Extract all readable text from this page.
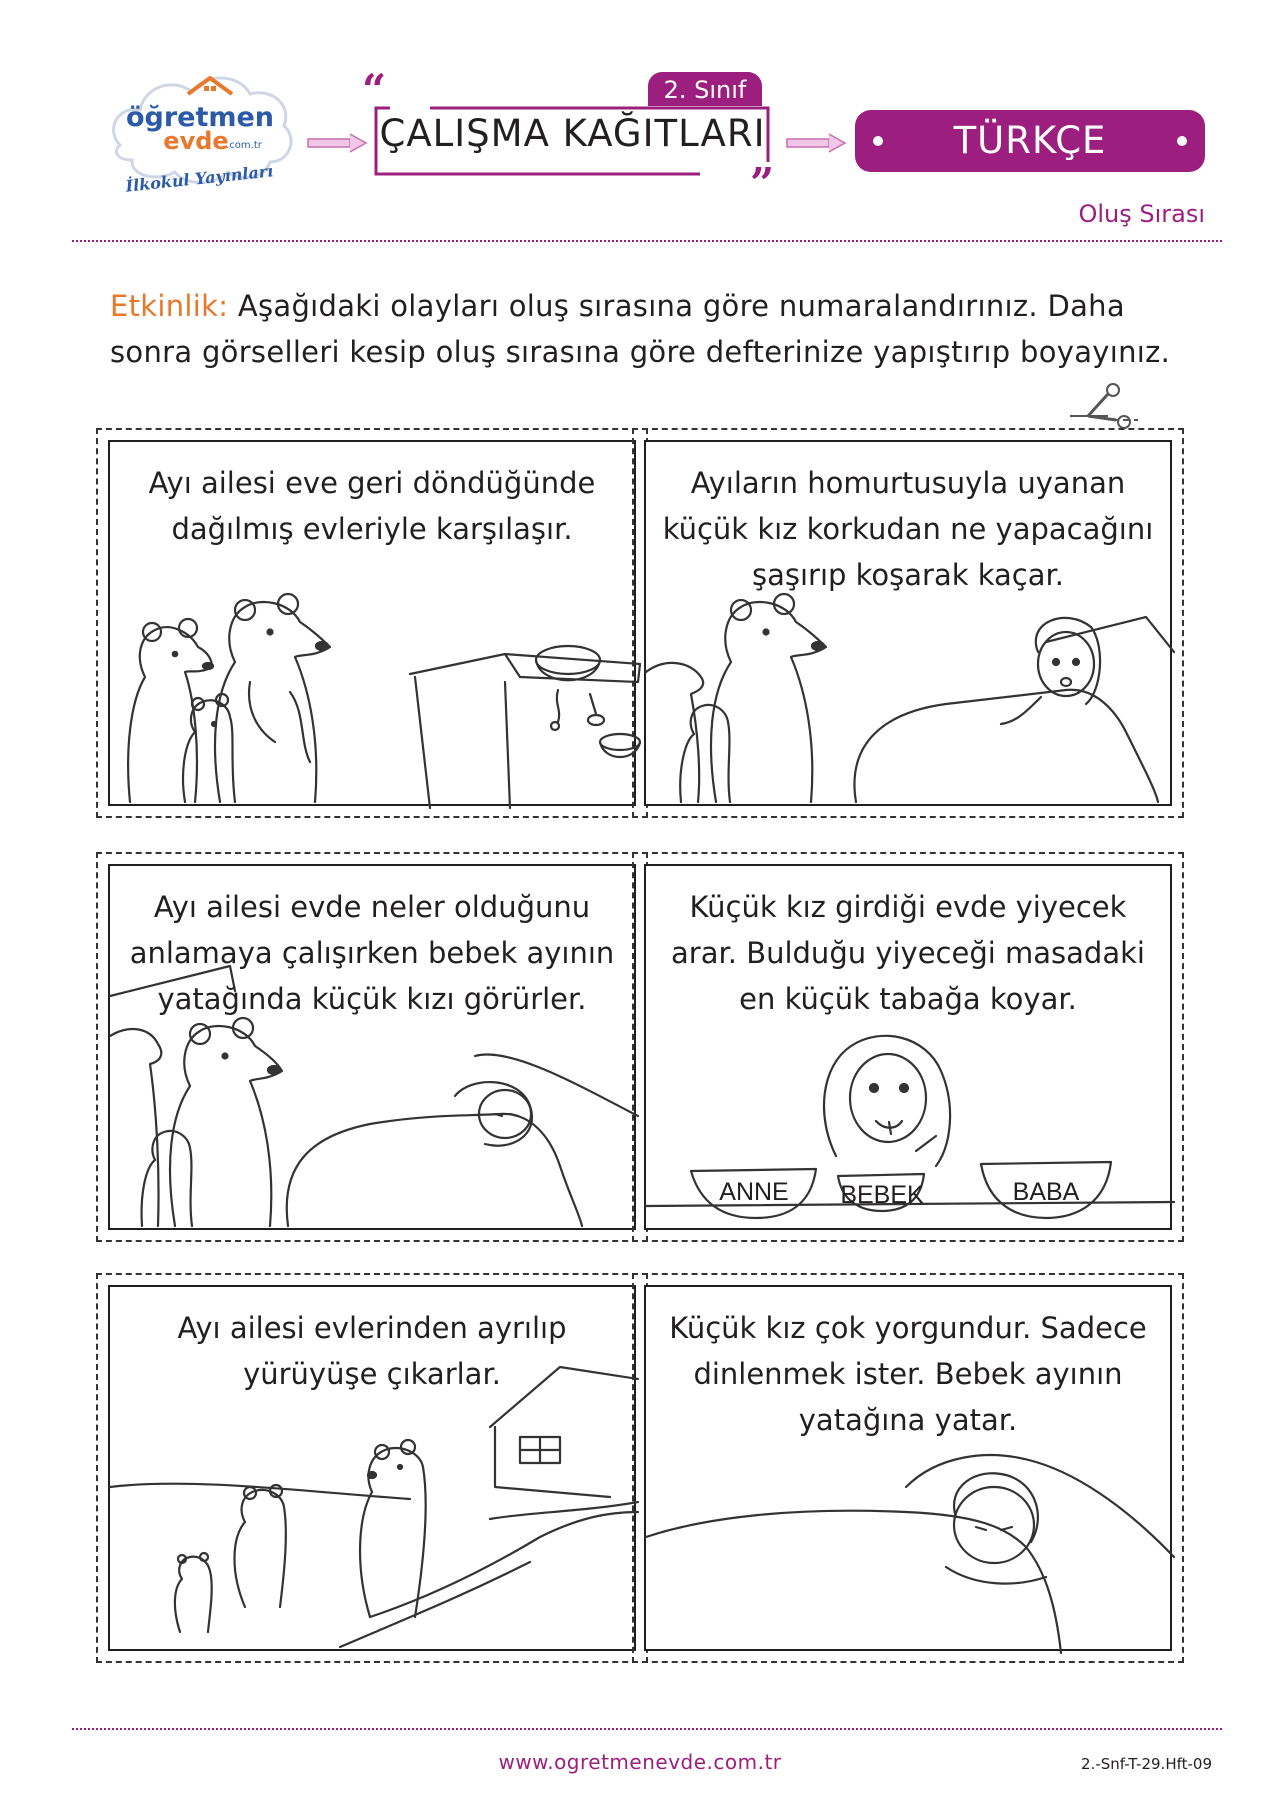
öğretmen
evde
.com.tr
İlkokul Yayınları
“
”
2. Sınıf
ÇALIŞMA KAĞITLARI	TÜRKÇE
Oluş Sırası
Etkinlik: Aşağıdaki olayları oluş sırasına göre numaralandırınız. Daha sonra görselleri kesip oluş sırasına göre defterinize yapıştırıp boyayınız.
Ayı ailesi eve geri döndüğünde dağılmış evleriyle karşılaşır.
Ayıların homurtusuyla uyanan küçük kız korkudan ne yapacağını şaşırıp koşarak kaçar.
Ayı ailesi evde neler olduğunu anlamaya çalışırken bebek ayının yatağında küçük kızı görürler.
Küçük kız girdiği evde yiyecek arar. Bulduğu yiyeceği masadaki en küçük tabağa koyar.
ANNE BEBEK	BABA
Ayı ailesi evlerinden ayrılıp yürüyüşe çıkarlar.
Küçük kız çok yorgundur. Sadece dinlenmek ister. Bebek ayının yatağına yatar.
www.ogretmenevde.com.tr	2.-Snf-T-29.Hft-09
